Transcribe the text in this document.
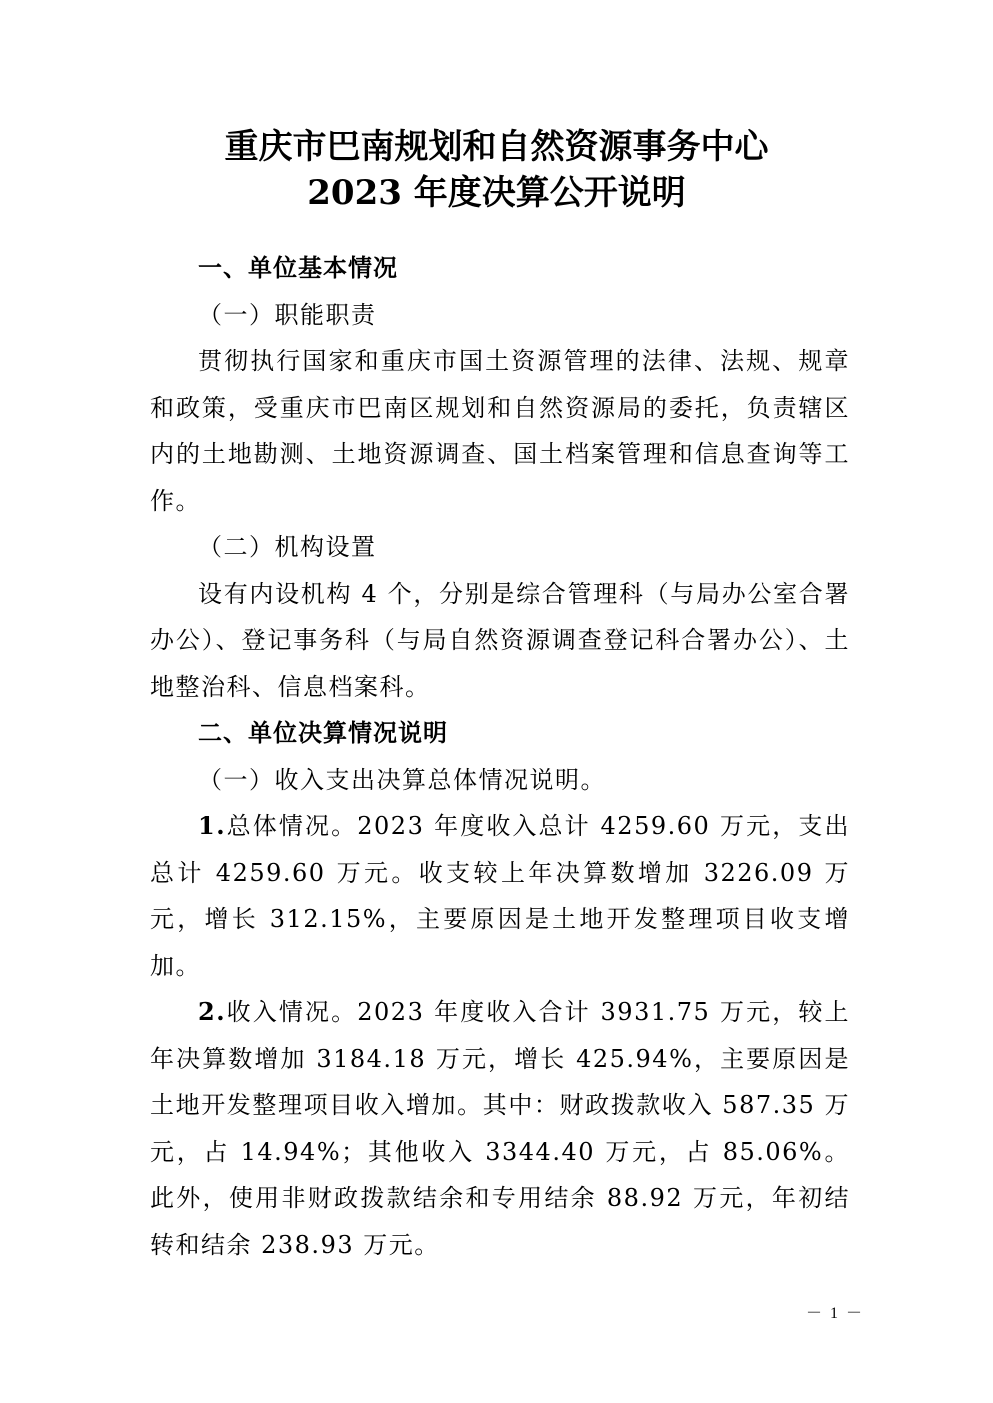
重庆市巴南规划和自然资源事务中心
2023 年度决算公开说明

一、单位基本情况

（一）职能职责

贯彻执行国家和重庆市国土资源管理的法律、法规、规章和政策，受重庆市巴南区规划和自然资源局的委托，负责辖区内的土地勘测、土地资源调查、国土档案管理和信息查询等工作。

（二）机构设置

设有内设机构 4 个，分别是综合管理科（与局办公室合署办公）、登记事务科（与局自然资源调查登记科合署办公）、土地整治科、信息档案科。

二、单位决算情况说明

（一）收入支出决算总体情况说明。

1.总体情况。2023 年度收入总计 4259.60 万元，支出总计 4259.60 万元。收支较上年决算数增加 3226.09 万元，增长 312.15%，主要原因是土地开发整理项目收支增加。

2.收入情况。2023 年度收入合计 3931.75 万元，较上年决算数增加 3184.18 万元，增长 425.94%，主要原因是土地开发整理项目收入增加。其中：财政拨款收入 587.35 万元，占 14.94%；其他收入 3344.40 万元，占 85.06%。此外，使用非财政拨款结余和专用结余 88.92 万元，年初结转和结余 238.93 万元。

－ 1 －
